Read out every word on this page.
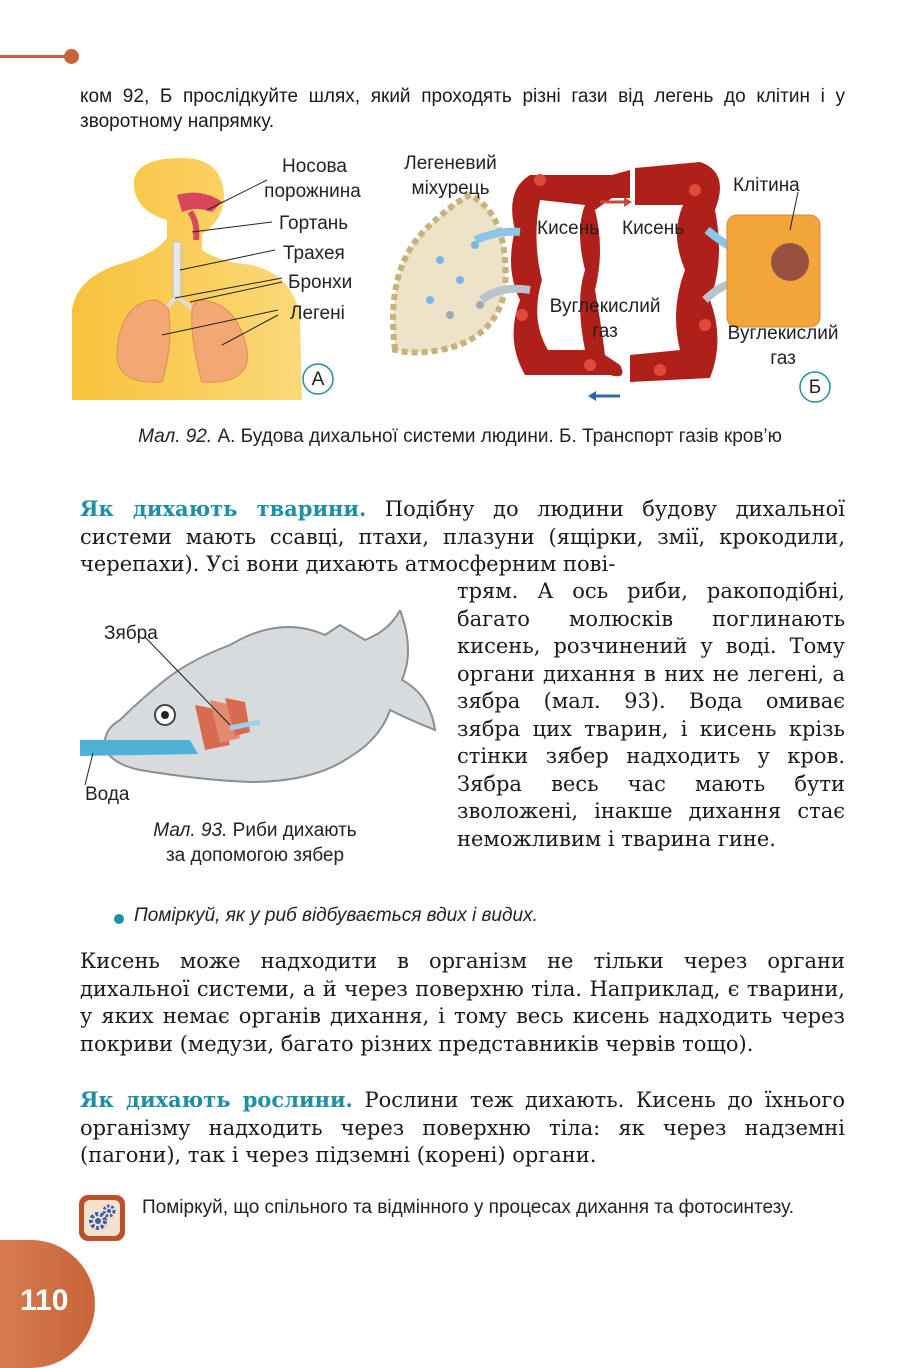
ком 92, Б прослідкуйте шлях, який проходять різні гази від легень до клітин і у зворотному напрямку.
Носова
порожнина
Гортань
Трахея
Бронхи
Легені
А
Легеневий
міхурець
Кисень Кисень
Клітина
Вуглекислий
газ	Вуглекислий
газ
Б
Мал. 92. А. Будова дихальної системи людини. Б. Транспорт газів кров’ю
Як дихають тварини. Подібну до людини будову дихальної системи мають ссавці, птахи, плазуни (ящірки, змії, крокодили, черепахи). Усі вони дихають атмосферним пові-
Зябра
Вода
Мал. 93. Риби дихають
за допомогою зябер
трям. А ось риби, ракоподібні, багато молюсків поглинають кисень, розчинений у воді. Тому органи дихання в них не легені, а зябра (мал. 93). Вода омиває зябра цих тварин, і кисень крізь стінки зябер надходить у кров. Зябра весь час мають бути зволожені, інакше дихання стає неможливим і тварина гине.
Поміркуй, як у риб відбувається вдих і видих.
Кисень може надходити в організм не тільки через органи дихальної системи, а й через поверхню тіла. Наприклад, є тварини, у яких немає органів дихання, і тому весь кисень надходить через покриви (медузи, багато різних представників червів тощо).
Як дихають рослини. Рослини теж дихають. Кисень до їхнього організму надходить через поверхню тіла: як через надземні (пагони), так і через підземні (корені) органи.
Поміркуй, що спільного та відмінного у процесах дихання та фотосинтезу.
110
